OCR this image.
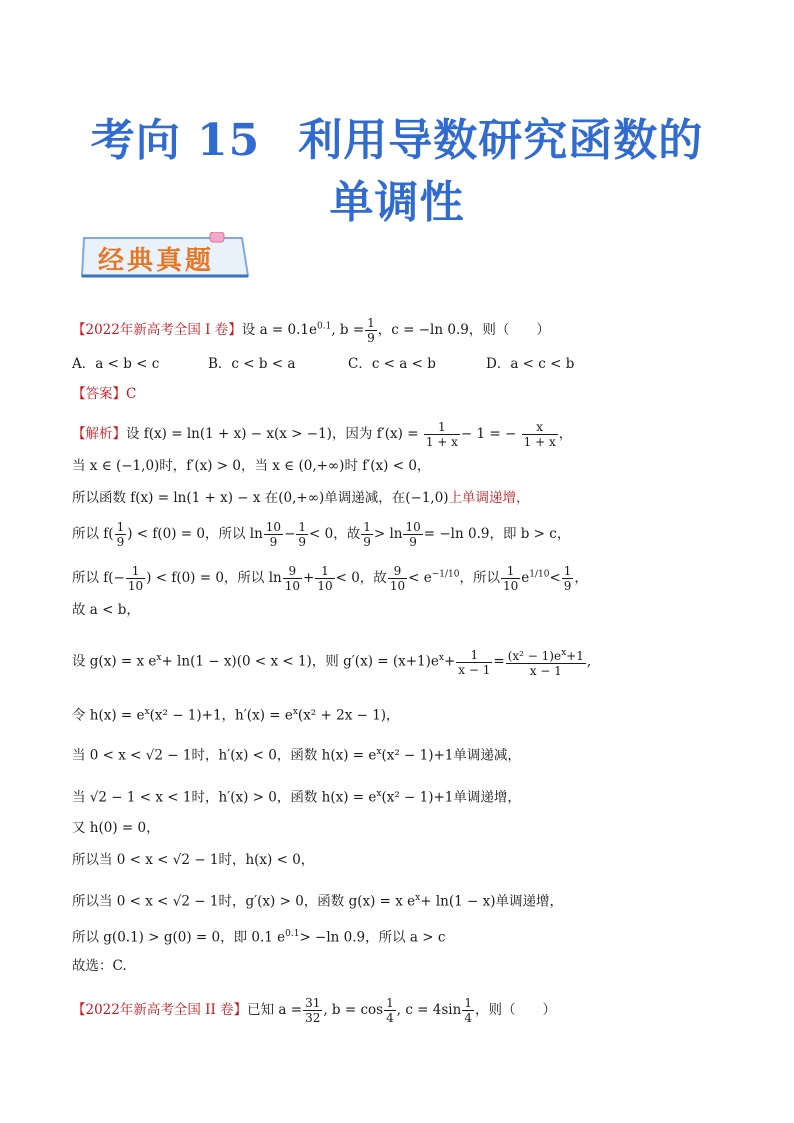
考向 15 利用导数研究函数的
单调性
经典真题
【2022年新高考全国 I 卷】设 $a = 0.1e^{0.1}$, $b = \frac{1}{9}$ ，c = −ln 0.9，则（　　）
A．a < b < c	B．c < b < a	C．c < a < b	D．a < c < b
【答案】C
【解析】设 f(x) = ln(1 + x) − x(x > −1)，因为 $f'(x) = \frac{1}{1 + x} - 1$ = − $\frac{x}{1 + x}$ ，
当 x ∈ (−1,0)时，f′(x) > 0，当 x ∈ (0,+∞)时 f′(x) < 0，
所以函数 f(x) = ln(1 + x) − x 在(0,+∞)单调递减，在(−1,0)上单调递增，
所以 $f( \frac{1}{9}$ ) < f(0) = 0，所以 $\ln \frac{10}{9} - \frac{1}{9} < 0$，故 $\frac{1}{9} > \ln \frac{10}{9} = -\ln$ 0.9，即 b > c，
所以 $f(- \frac{1}{10}$ ) < f(0) = 0，所以 $\ln \frac{9}{10} + \frac{1}{10} < 0$，故 $\frac{9}{10} < e^{-1/10}$，所以 $\frac{1}{10} e^{1/10}< \frac{1}{9}$ ，
故 a < b，
设 g(x) = x $e^x+ \ln(1 - x)(0 < x < 1)$，则 $g'(x) = (x+1)e^x+ \frac{1}{x - 1} = \frac{(x^2 - 1)e^x+1}{x - 1}$ ,
令 $h(x) = e^x(x^2 - 1)+1$，$h'(x) = e^x(x^2 + 2x - 1)$，
当 0 < x < √2 − 1时，h′(x) < 0，函数 $h(x) = e^x(x^2 - 1)+1$单调递减，
当 √2 − 1 < x < 1时，h′(x) > 0，函数 $h(x) = e^x(x^2 - 1)+1$单调递增，
又 h(0) = 0，
所以当 0 < x < √2 − 1时，h(x) < 0，
所以当 0 < x < √2 − 1时，g′(x) > 0，函数 g(x) = x $e^x+ \ln(1 - x)$单调递增，
所以 g(0.1) > g(0) = 0，即 0.1 $e^{0.1}> -\ln$ 0.9，所以 a > c
故选：C.
【2022年新高考全国 II 卷】已知 $a = \frac{31}{32}$ , $b = \cos \frac{1}{4}$ , $c = 4\sin \frac{1}{4}$ ，则（　　）
